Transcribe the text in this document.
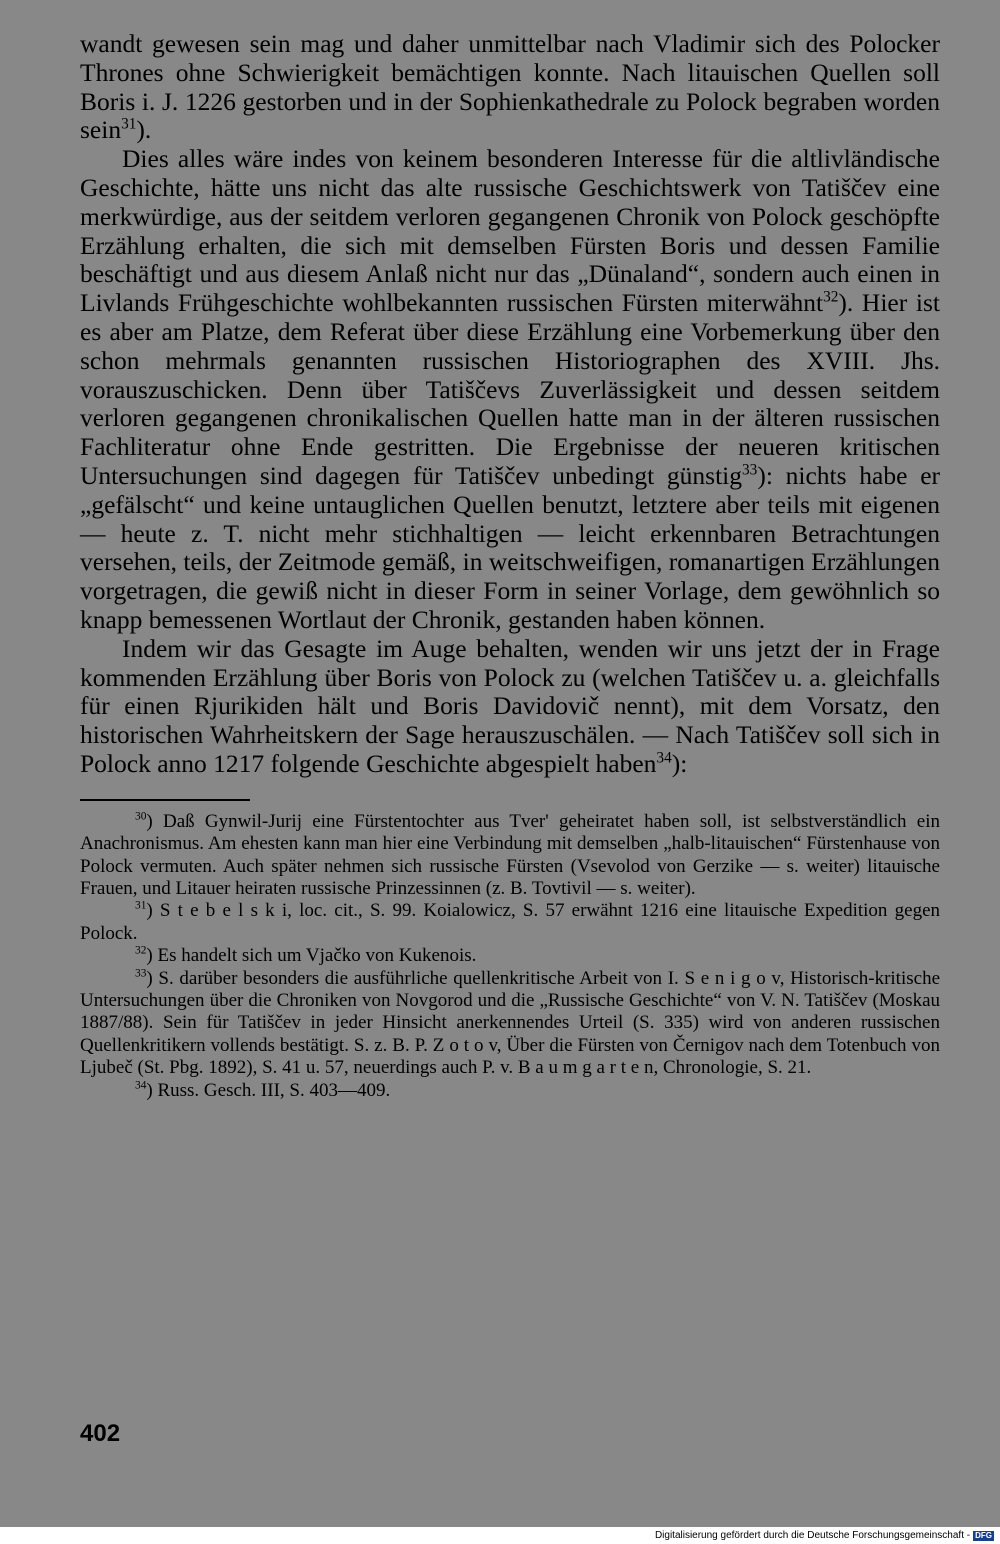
wandt gewesen sein mag und daher unmittelbar nach Vladimir sich des Polocker Thrones ohne Schwierigkeit bemächtigen konnte. Nach litauischen Quellen soll Boris i. J. 1226 gestorben und in der Sophienkathedrale zu Polock begraben worden sein$^{31}$).

Dies alles wäre indes von keinem besonderen Interesse für die altlivländische Geschichte, hätte uns nicht das alte russische Geschichtswerk von Tatiščev eine merkwürdige, aus der seitdem verloren gegangenen Chronik von Polock geschöpfte Erzählung erhalten, die sich mit demselben Fürsten Boris und dessen Familie beschäftigt und aus diesem Anlaß nicht nur das „Dünaland“, sondern auch einen in Livlands Frühgeschichte wohlbekannten russischen Fürsten miterwähnt$^{32}$). Hier ist es aber am Platze, dem Referat über diese Erzählung eine Vorbemerkung über den schon mehrmals genannten russischen Historiographen des XVIII. Jhs. vorauszuschicken. Denn über Tatiščevs Zuverlässigkeit und dessen seitdem verloren gegangenen chronikalischen Quellen hatte man in der älteren russischen Fachliteratur ohne Ende gestritten. Die Ergebnisse der neueren kritischen Untersuchungen sind dagegen für Tatiščev unbedingt günstig$^{33}$): nichts habe er „gefälscht“ und keine untauglichen Quellen benutzt, letztere aber teils mit eigenen — heute z. T. nicht mehr stichhaltigen — leicht erkennbaren Betrachtungen versehen, teils, der Zeitmode gemäß, in weitschweifigen, romanartigen Erzählungen vorgetragen, die gewiß nicht in dieser Form in seiner Vorlage, dem gewöhnlich so knapp bemessenen Wortlaut der Chronik, gestanden haben können.

Indem wir das Gesagte im Auge behalten, wenden wir uns jetzt der in Frage kommenden Erzählung über Boris von Polock zu (welchen Tatiščev u. a. gleichfalls für einen Rjurikiden hält und Boris Davidovič nennt), mit dem Vorsatz, den historischen Wahrheitskern der Sage herauszuschälen. — Nach Tatiščev soll sich in Polock anno 1217 folgende Geschichte abgespielt haben$^{34}$):

$^{30}$) Daß Gynwil-Jurij eine Fürstentochter aus Tver' geheiratet haben soll, ist selbstverständlich ein Anachronismus. Am ehesten kann man hier eine Verbindung mit demselben „halb-litauischen“ Fürstenhause von Polock vermuten. Auch später nehmen sich russische Fürsten (Vsevolod von Gerzike — s. weiter) litauische Frauen, und Litauer heiraten russische Prinzessinnen (z. B. Tovtivil — s. weiter).

$^{31}$) S t e b e l s k i, loc. cit., S. 99. Koialowicz, S. 57 erwähnt 1216 eine litauische Expedition gegen Polock.

$^{32}$) Es handelt sich um Vjačko von Kukenois.

$^{33}$) S. darüber besonders die ausführliche quellenkritische Arbeit von I. S e n i g o v, Historisch-kritische Untersuchungen über die Chroniken von Novgorod und die „Russische Geschichte“ von V. N. Tatiščev (Moskau 1887/88). Sein für Tatiščev in jeder Hinsicht anerkennendes Urteil (S. 335) wird von anderen russischen Quellenkritikern vollends bestätigt. S. z. B. P. Z o t o v, Über die Fürsten von Černigov nach dem Totenbuch von Ljubeč (St. Pbg. 1892), S. 41 u. 57, neuerdings auch P. v. B a u m g a r t e n, Chronologie, S. 21.

$^{34}$) Russ. Gesch. III, S. 403—409.

402
Digitalisierung gefördert durch die Deutsche Forschungsgemeinschaft - DFG
